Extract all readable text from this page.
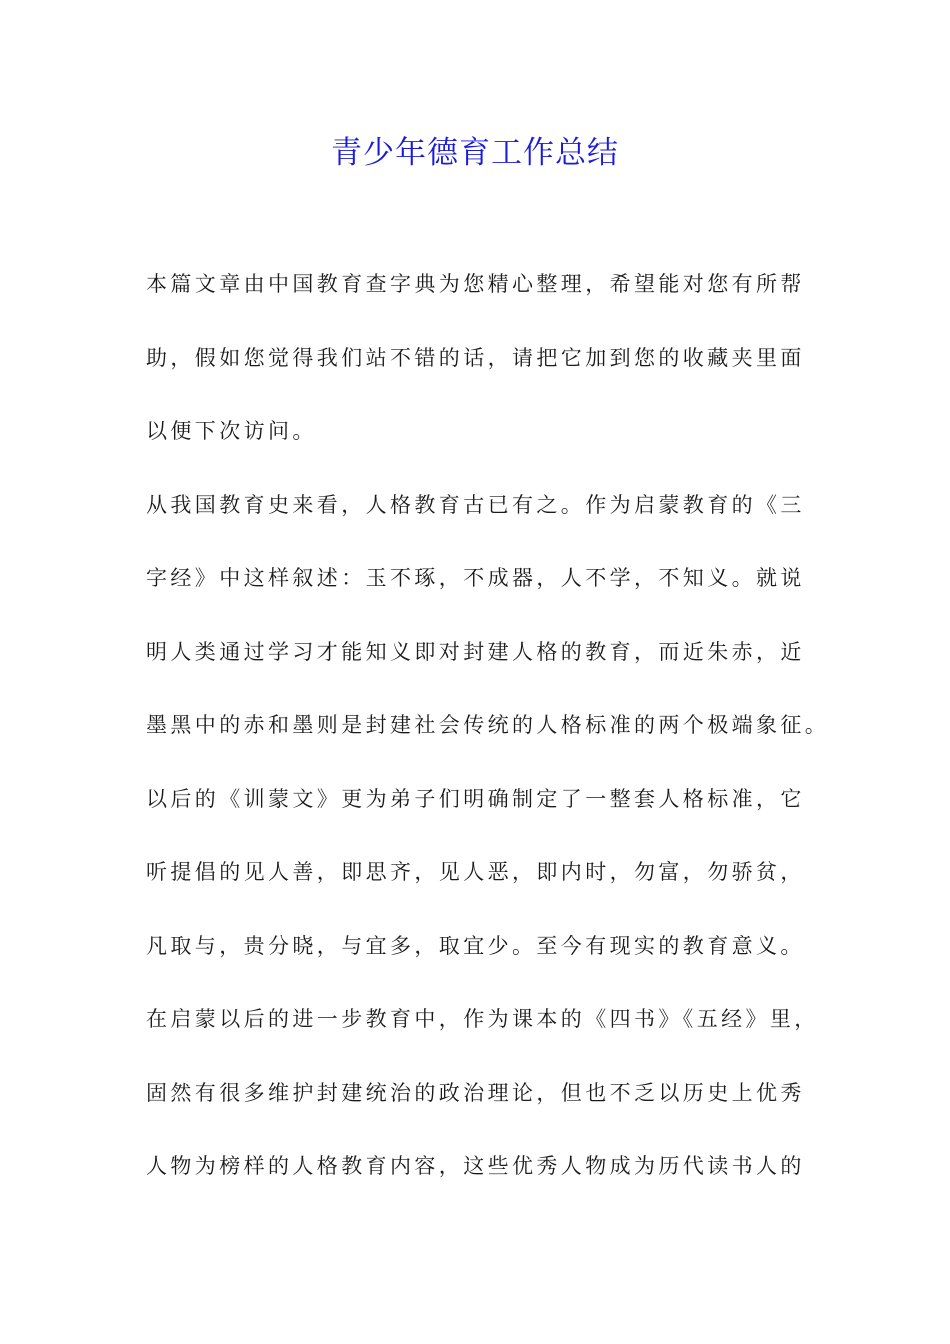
青少年德育工作总结
本篇文章由中国教育查字典为您精心整理，希望能对您有所帮
助，假如您觉得我们站不错的话，请把它加到您的收藏夹里面
以便下次访问。
从我国教育史来看，人格教育古已有之。作为启蒙教育的《三
字经》中这样叙述：玉不琢，不成器，人不学，不知义。就说
明人类通过学习才能知义即对封建人格的教育，而近朱赤，近
墨黑中的赤和墨则是封建社会传统的人格标准的两个极端象征。
以后的《训蒙文》更为弟子们明确制定了一整套人格标准，它
听提倡的见人善，即思齐，见人恶，即内时，勿富，勿骄贫，
凡取与，贵分晓，与宜多，取宜少。至今有现实的教育意义。
在启蒙以后的进一步教育中，作为课本的《四书》《五经》里，
固然有很多维护封建统治的政治理论，但也不乏以历史上优秀
人物为榜样的人格教育内容，这些优秀人物成为历代读书人的
